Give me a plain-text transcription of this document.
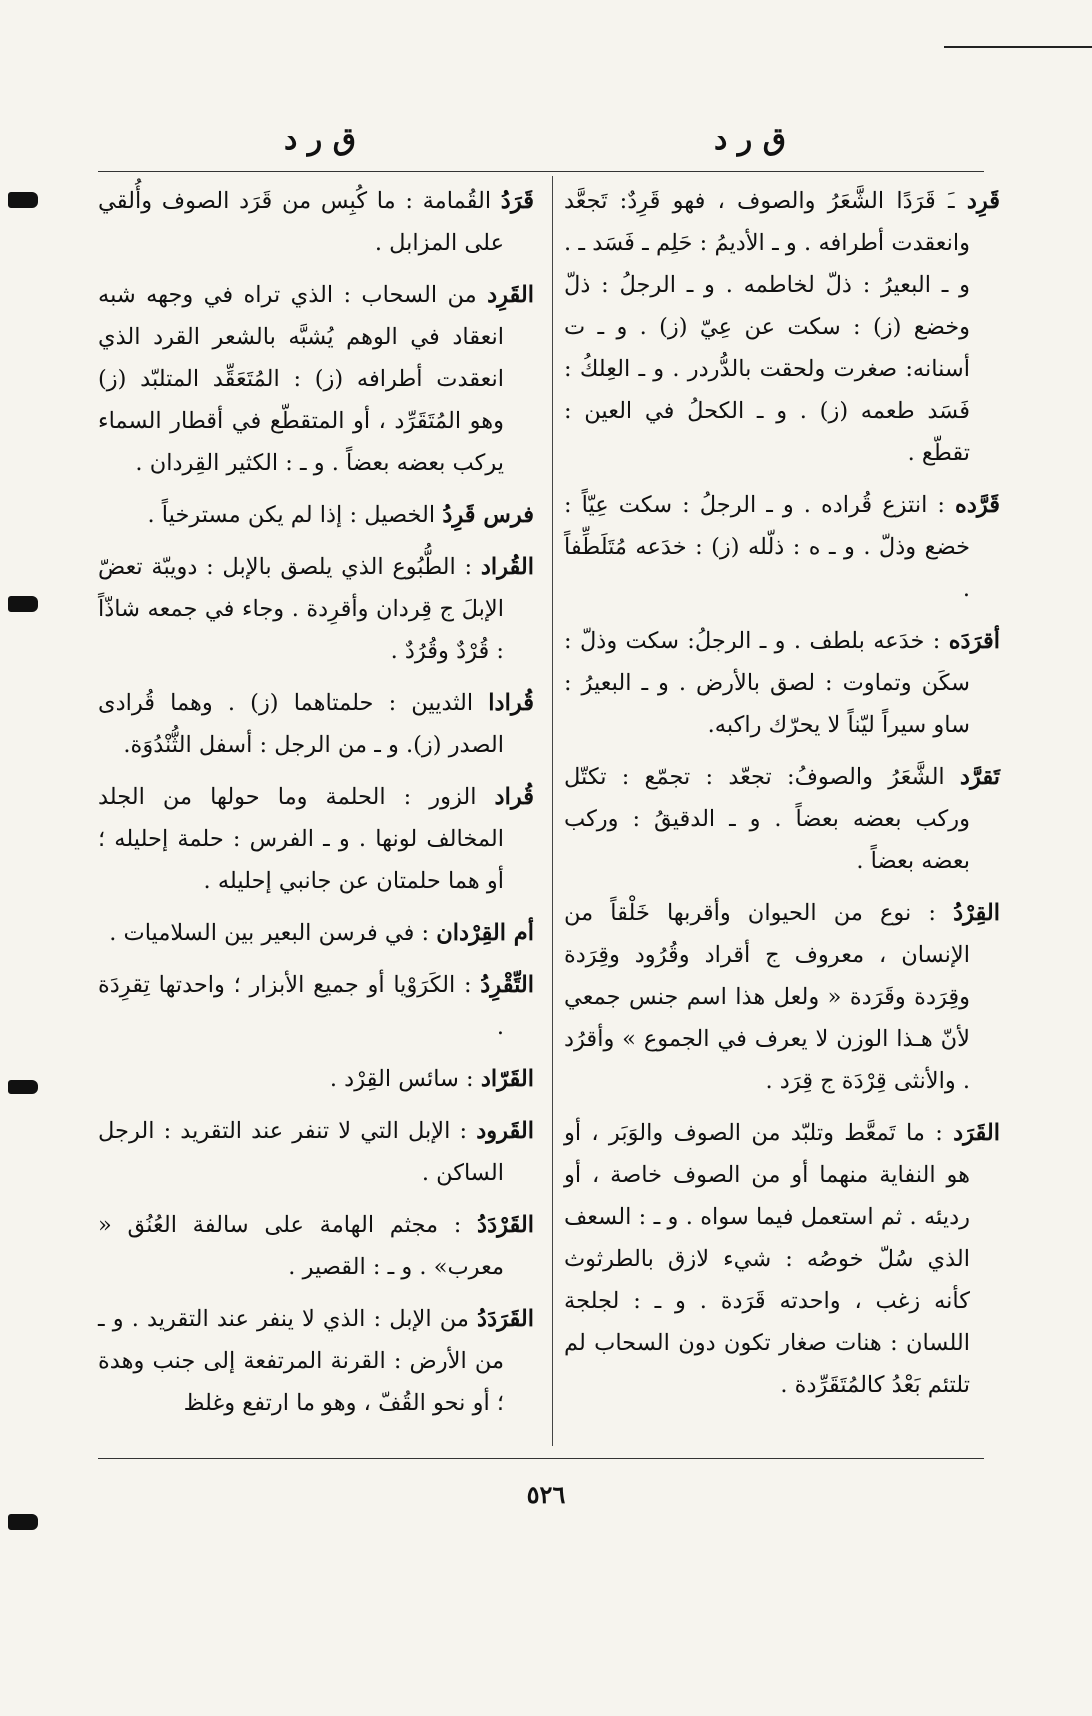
ق ر د
ق ر د

قَرِد ـَ قَرَدًا الشَّعَرُ والصوف ، فهو قَرِدٌ: تَجعَّد وانعقدت أطرافه . و ـ الأديمُ : حَلِم ـ فَسَد ـ . و ـ البعيرُ : ذلّ لخاطمه . و ـ الرجلُ : ذلّ وخضع (ز) : سكت عن عِيّ (ز) . و ـ ت أسنانه: صغرت ولحقت بالدُّردر . و ـ العِلكُ : فَسَد طعمه (ز) . و ـ الكحلُ في العين : تقطّع .

قَرَّده : انتزع قُراده . و ـ الرجلُ : سكت عِيّاً : خضع وذلّ . و ـ ه : ذلّله (ز) : خدَعه مُتَلَطِّفاً .

أقرَدَه : خدَعه بلطف . و ـ الرجلُ: سكت وذلّ : سكَن وتماوت : لصق بالأرض . و ـ البعيرُ : ساو سيراً ليّناً لا يحرّك راكبه.

تَقرَّد الشَّعَرُ والصوفُ: تجعّد : تجمّع : تكتّل وركب بعضه بعضاً . و ـ الدقيقُ : وركب بعضه بعضاً .

القِرْدُ : نوع من الحيوان وأقربها خَلْقاً من الإنسان ، معروف ج أقراد وقُرُود وقِرَدة وقِرَدة وقَرَدة « ولعل هذا اسم جنس جمعي لأنّ هـذا الوزن لا يعرف في الجموع » وأقرُد . والأنثى قِرْدَة ج قِرَد .

القَرَد : ما تَمعَّط وتلبّد من الصوف والوَبَر ، أو هو النفاية منهما أو من الصوف خاصة ، أو رديئه . ثم استعمل فيما سواه . و ـ : السعف الذي سُلّ خوصُه : شيء لازق بالطرثوث كأنه زغب ، واحدته قَرَدة . و ـ : لجلجة اللسان : هنات صغار تكون دون السحاب لم تلتئم بَعْدُ كالمُتَقَرِّدة .

قَرَدُ القُمامة : ما كُبِس من قَرَد الصوف وأُلقي على المزابل .

القَرِد من السحاب : الذي تراه في وجهه شبه انعقاد في الوهم يُشبَّه بالشعر القرد الذي انعقدت أطرافه (ز) : المُتَعَقِّد المتلبّد (ز) وهو المُتَقَرِّد ، أو المتقطّع في أقطار السماء يركب بعضه بعضاً . و ـ : الكثير القِردان .

فرس قَرِدُ الخصيل : إذا لم يكن مسترخياً .

القُراد : الطُّبُوع الذي يلصق بالإبل : دويبّة تعضّ الإبلَ ج قِردان وأقرِدة . وجاء في جمعه شاذّاً : قُرْدٌ وقُرُدٌ .

قُرادا الثديين : حلمتاهما (ز) . وهما قُرادى الصدر (ز). و ـ من الرجل : أسفل الثُّنْدُوَة.

قُراد الزور : الحلمة وما حولها من الجلد المخالف لونها . و ـ الفرس : حلمة إحليله ؛ أو هما حلمتان عن جانبي إحليله .

أم القِرْدان : في فرسن البعير بين السلاميات .

التِّقْرِدُ : الكَرَوْيا أو جميع الأبزار ؛ واحدتها تِقرِدَة .

القَرّاد : سائس القِرْد .

القَرود : الإبل التي لا تنفر عند التقريد : الرجل الساكن .

القَرْدَدُ : مجثم الهامة على سالفة العُنُق « معرب» . و ـ : القصير .

القَرَدَدُ من الإبل : الذي لا ينفر عند التقريد . و ـ من الأرض : القرنة المرتفعة إلى جنب وهدة ؛ أو نحو القُفّ ، وهو ما ارتفع وغلظ

٥٢٦
